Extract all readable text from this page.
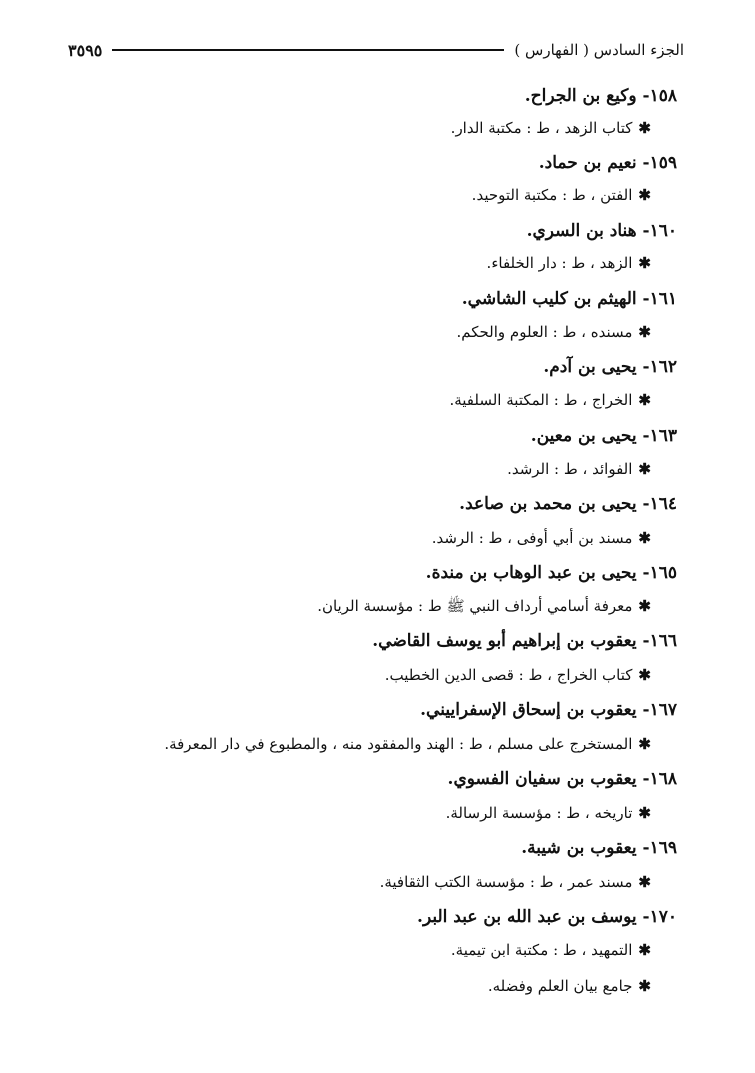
الجزء السادس ( الفهارس )
٣٥٩٥
١٥٨- وكيع بن الجراح.
✱كتاب الزهد ، ط : مكتبة الدار.
١٥٩- نعيم بن حماد.
✱الفتن ، ط : مكتبة التوحيد.
١٦٠- هناد بن السري.
✱الزهد ، ط : دار الخلفاء.
١٦١- الهيثم بن كليب الشاشي.
✱مسنده ، ط : العلوم والحكم.
١٦٢- يحيى بن آدم.
✱الخراج ، ط : المكتبة السلفية.
١٦٣- يحيى بن معين.
✱الفوائد ، ط : الرشد.
١٦٤- يحيى بن محمد بن صاعد.
✱مسند بن أبي أوفى ، ط : الرشد.
١٦٥- يحيى بن عبد الوهاب بن مندة.
✱معرفة أسامي أرداف النبي ﷺ ط : مؤسسة الريان.
١٦٦- يعقوب بن إبراهيم أبو يوسف القاضي.
✱كتاب الخراج ، ط : قصى الدين الخطيب.
١٦٧- يعقوب بن إسحاق الإسفراييني.
✱المستخرج على مسلم ، ط : الهند والمفقود منه ، والمطبوع في دار المعرفة.
١٦٨- يعقوب بن سفيان الفسوي.
✱تاريخه ، ط : مؤسسة الرسالة.
١٦٩- يعقوب بن شيبة.
✱مسند عمر ، ط : مؤسسة الكتب الثقافية.
١٧٠- يوسف بن عبد الله بن عبد البر.
✱التمهيد ، ط : مكتبة ابن تيمية.
✱جامع بيان العلم وفضله.
